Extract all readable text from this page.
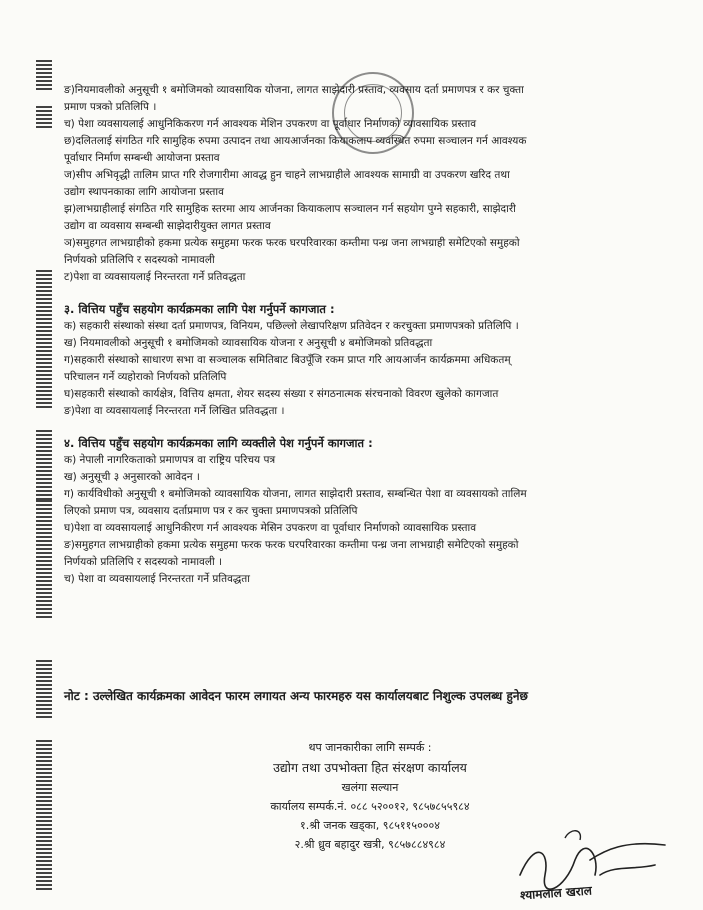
ङ)नियमावलीको अनुसूची १ बमोजिमको व्यावसायिक योजना, लागत साझेदारी प्रस्ताव, व्यवसाय दर्ता प्रमाणपत्र र कर चुक्ता
प्रमाण पत्रको प्रतिलिपि ।
च) पेशा व्यवसायलाई आधुनिकिकरण गर्न आवश्यक मेशिन उपकरण वा पूर्वाधार निर्माणको व्यावसायिक प्रस्ताव
छ)दलितलाई संगठित गरि सामुहिक रुपमा उत्पादन तथा आयआर्जनका कियाकलाप व्यवस्थित रुपमा सञ्चालन गर्न आवश्यक
पूर्वाधार निर्माण सम्बन्धी आयोजना प्रस्ताव
ज)सीप अभिवृद्धी तालिम प्राप्त गरि रोजगारीमा आवद्ध हुन चाहने लाभग्राहीले आवश्यक सामाग्री वा उपकरण खरिद तथा
उद्योग स्थापनकाका लागि आयोजना प्रस्ताव
झ)लाभग्राहीलाई संगठित गरि सामुहिक स्तरमा आय आर्जनका कियाकलाप सञ्चालन गर्न सहयोग पुग्ने सहकारी, साझेदारी
उद्योग वा व्यवसाय सम्बन्धी साझेदारीयुक्त लागत प्रस्ताव
ञ)समुहगत लाभग्राहीको हकमा प्रत्येक समुहमा फरक फरक घरपरिवारका कम्तीमा पन्ध्र जना लाभग्राही समेटिएको समुहको
निर्णयको प्रतिलिपि र सदस्यको नामावली
ट)पेशा वा व्यवसायलाई निरन्तरता गर्ने प्रतिवद्धता
३. वित्तिय पहुँच सहयोग कार्यक्रमका लागि पेश गर्नुपर्ने कागजात :
क) सहकारी संस्थाको संस्था दर्ता प्रमाणपत्र, विनियम, पछिल्लो लेखापरिक्षण प्रतिवेदन र करचुक्ता प्रमाणपत्रको प्रतिलिपि ।
ख) नियमावलीको अनुसूची १ बमोजिमको व्यावसायिक योजना र अनुसूची ४ बमोजिमको प्रतिवद्धता
ग)सहकारी संस्थाको साधारण सभा वा सञ्चालक समितिबाट बिउपूँजि रकम प्राप्त गरि आयआर्जन कार्यक्रममा अधिकतम्
परिचालन गर्ने व्यहोराको निर्णयको प्रतिलिपि
घ)सहकारी संस्थाको कार्यक्षेत्र, वित्तिय क्षमता, शेयर सदस्य संख्या र संगठनात्मक संरचनाको विवरण खुलेको कागजात
ङ)पेशा वा व्यवसायलाई निरन्तरता गर्ने लिखित प्रतिवद्धता ।
४. वित्तिय पहुँच सहयोग कार्यक्रमका लागि व्यक्तीले पेश गर्नुपर्ने कागजात :
क) नेपाली नागरिकताको प्रमाणपत्र वा राष्ट्रिय परिचय पत्र
ख) अनुसूची ३ अनुसारको आवेदन ।
ग) कार्यविधीको अनुसूची १ बमोजिमको व्यावसायिक योजना, लागत साझेदारी प्रस्ताव, सम्बन्धित पेशा वा व्यवसायको तालिम
लिएको प्रमाण पत्र, व्यवसाय दर्ताप्रमाण पत्र र कर चुक्ता प्रमाणपत्रको प्रतिलिपि
घ)पेशा वा व्यवसायलाई आधुनिकीरण गर्न आवश्यक मेसिन उपकरण वा पूर्वाधार निर्माणको व्यावसायिक प्रस्ताव
ङ)समुहगत लाभग्राहीको हकमा प्रत्येक समुहमा फरक फरक घरपरिवारका कम्तीमा पन्ध्र जना लाभग्राही समेटिएको समुहको
निर्णयको प्रतिलिपि र सदस्यको नामावली ।
च) पेशा वा व्यवसायलाई निरन्तरता गर्ने प्रतिवद्धता
नोट : उल्लेखित कार्यक्रमका आवेदन फारम लगायत अन्य फारमहरु यस कार्यालयबाट निशुल्क उपलब्ध हुनेछ
थप जानकारीका लागि सम्पर्क :
उद्योग तथा उपभोक्ता हित संरक्षण कार्यालय
खलंगा सल्यान
कार्यालय सम्पर्क.नं. ०८८ ५२००१२, ९८५७८५५९८४
१.श्री जनक खड्का, ९८५११५०००४
२.श्री ध्रुव बहादुर खत्री, ९८५७८८४९८४
श्यामलाल खराल
